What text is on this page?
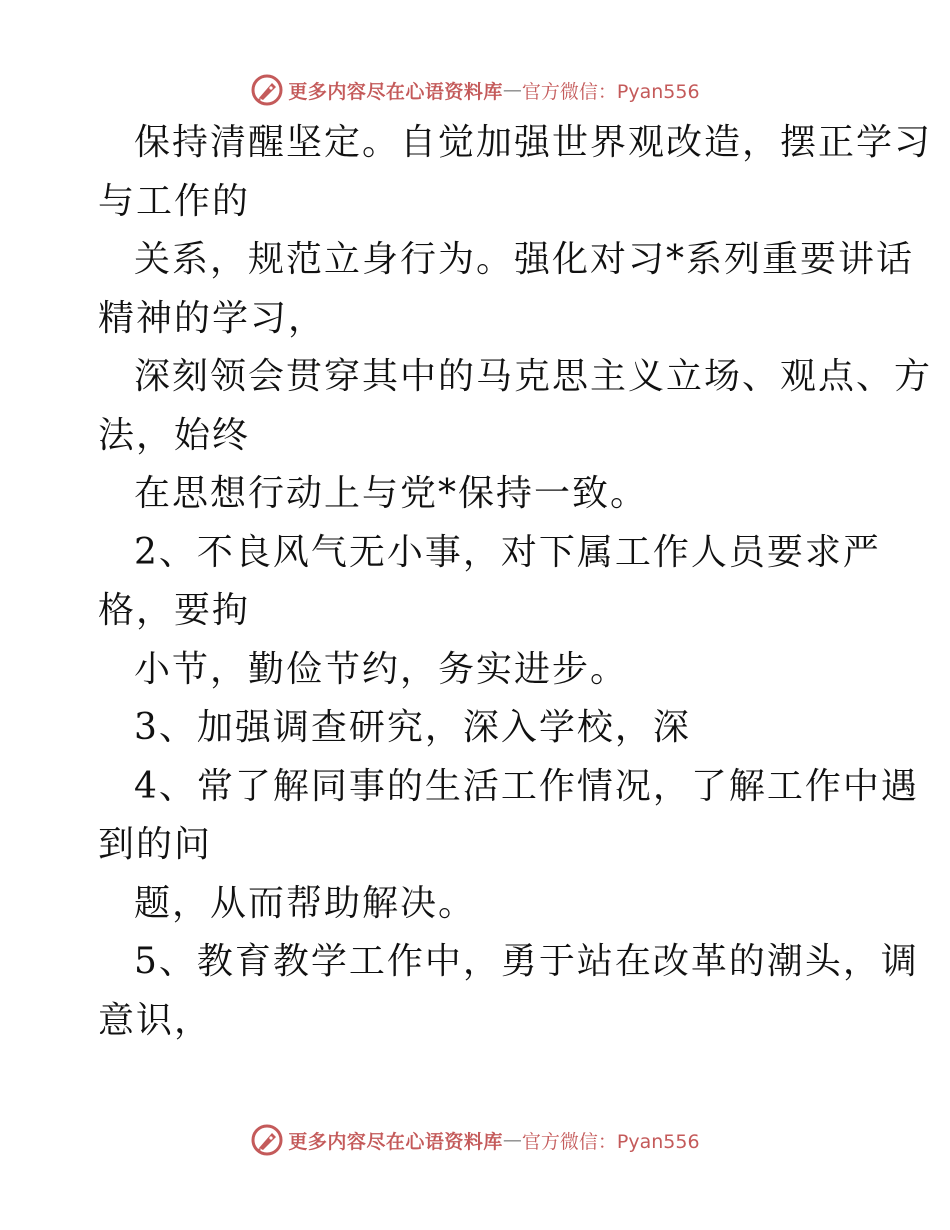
更多内容尽在心语资料库 — 官方微信：Pyan556
保持清醒坚定。自觉加强世界观改造，摆正学习
与工作的
关系，规范立身行为。强化对习*系列重要讲话
精神的学习，
深刻领会贯穿其中的马克思主义立场、观点、方
法，始终
在思想行动上与党*保持一致。
2、不良风气无小事，对下属工作人员要求严
格，要拘
小节，勤俭节约，务实进步。
3、加强调查研究，深入学校，深
4、常了解同事的生活工作情况，了解工作中遇
到的问
题，从而帮助解决。
5、教育教学工作中，勇于站在改革的潮头，调
意识，
更多内容尽在心语资料库 — 官方微信：Pyan556
